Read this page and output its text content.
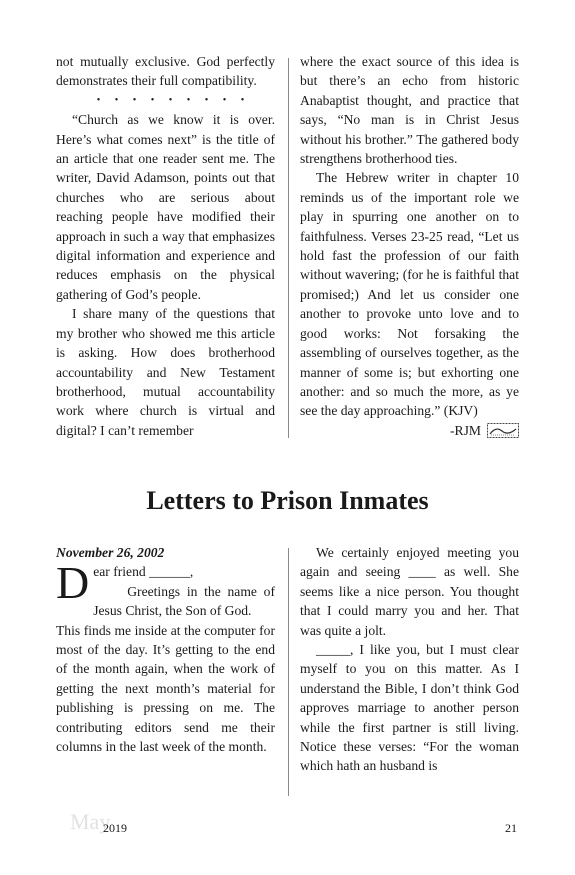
not mutually exclusive. God perfectly demonstrates their full compatibility.

• • • • • • • • •

“Church as we know it is over. Here’s what comes next” is the title of an article that one reader sent me. The writer, David Adamson, points out that churches who are serious about reaching people have modified their approach in such a way that emphasizes digital information and experience and reduces emphasis on the physical gathering of God’s people.

I share many of the questions that my brother who showed me this article is asking. How does brotherhood accountability and New Testament brotherhood, mutual accountability work where church is virtual and digital? I can’t remember

where the exact source of this idea is but there’s an echo from historic Anabaptist thought, and practice that says, “No man is in Christ Jesus without his brother.” The gathered body strengthens brotherhood ties.

The Hebrew writer in chapter 10 reminds us of the important role we play in spurring one another on to faithfulness. Verses 23-25 read, “Let us hold fast the profession of our faith without wavering; (for he is faithful that promised;) And let us consider one another to provoke unto love and to good works: Not forsaking the assembling of ourselves together, as the manner of some is; but exhorting one another: and so much the more, as ye see the day approaching.” (KJV)

-RJM

Letters to Prison Inmates

November 26, 2002

Dear friend ______,
Greetings in the name of Jesus Christ, the Son of God.

This finds me inside at the computer for most of the day. It’s getting to the end of the month again, when the work of getting the next month’s material for publishing is pressing on me. The contributing editors send me their columns in the last week of the month.

We certainly enjoyed meeting you again and seeing ____ as well. She seems like a nice person. You thought that I could marry you and her. That was quite a jolt.

_____, I like you, but I must clear myself to you on this matter. As I understand the Bible, I don’t think God approves marriage to another person while the first partner is still living. Notice these verses: “For the woman which hath an husband is

May
2019	21
